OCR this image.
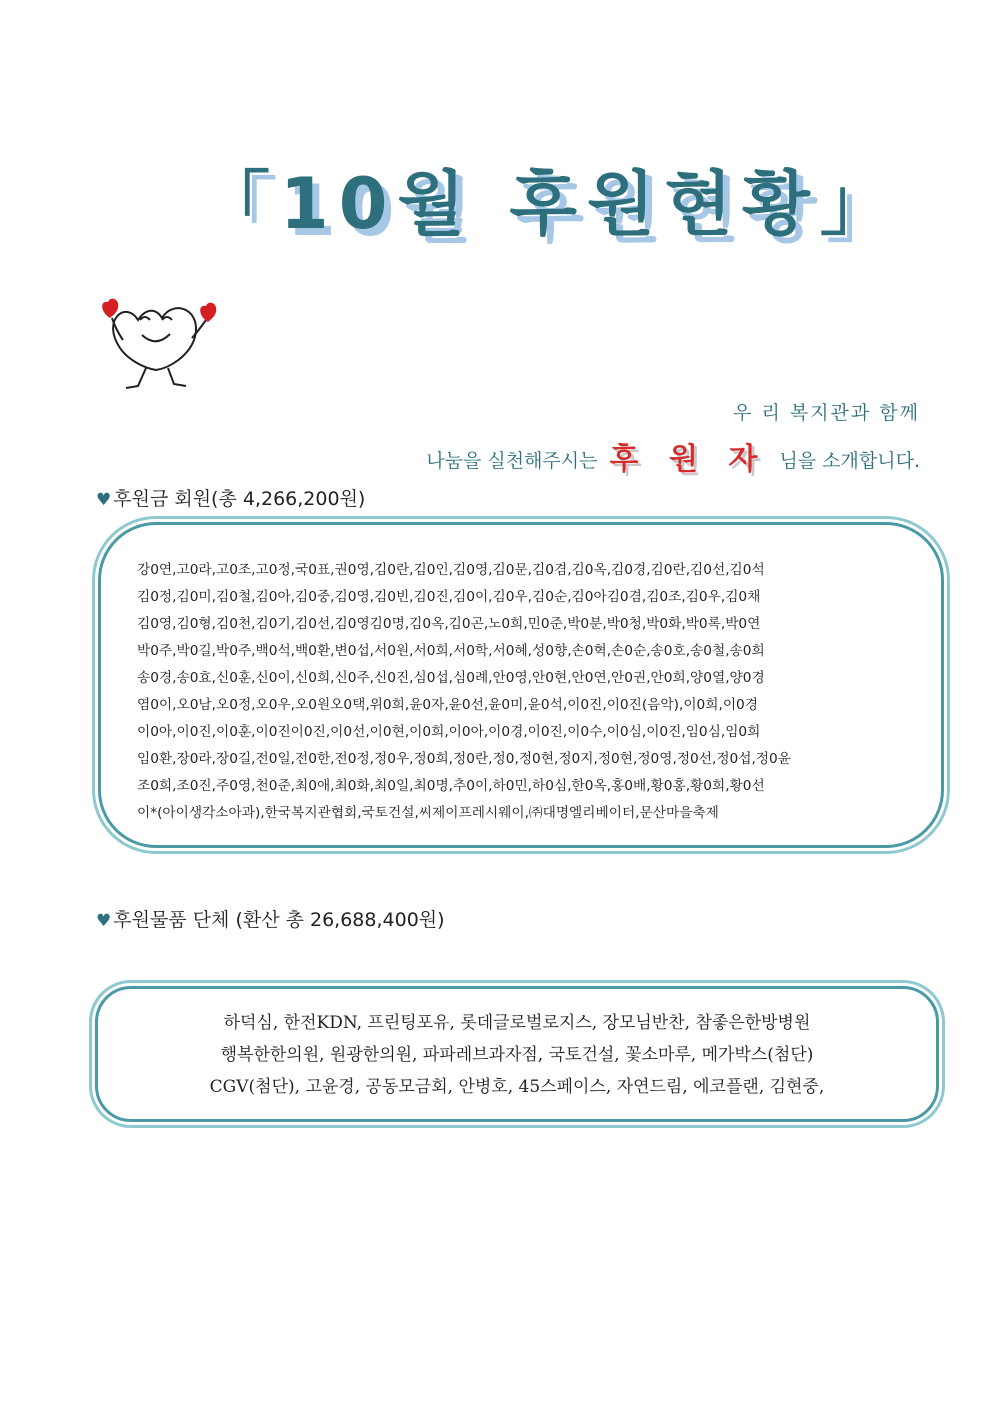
「10월 후원현황」
우 리 복지관과 함께
나눔을 실천해주시는 후 원 자 님을 소개합니다.
♥ 후원금 회원(총 4,266,200원)
강0연,고0라,고0조,고0정,국0표,권0영,김0란,김0인,김0영,김0문,김0겸,김0옥,김0경,김0란,김0선,김0석
김0정,김0미,김0철,김0아,김0중,김0영,김0빈,김0진,김0이,김0우,김0순,김0아김0겸,김0조,김0우,김0채
김0영,김0형,김0천,김0기,김0선,김0영김0명,김0옥,김0곤,노0희,민0준,박0분,박0청,박0화,박0록,박0연
박0주,박0길,박0주,백0석,백0환,변0섭,서0원,서0희,서0학,서0혜,성0향,손0혁,손0순,송0호,송0철,송0희
송0경,송0효,신0훈,신0이,신0희,신0주,신0진,심0섭,심0례,안0영,안0현,안0연,안0권,안0희,양0열,양0경
염0이,오0남,오0정,오0우,오0원오0택,위0희,윤0자,윤0선,윤0미,윤0석,이0진,이0진(음악),이0희,이0경
이0아,이0진,이0훈,이0진이0진,이0선,이0현,이0희,이0아,이0경,이0진,이0수,이0심,이0진,임0심,임0희
임0환,장0라,장0길,전0일,전0한,전0정,정0우,정0희,정0란,정0,정0현,정0지,정0현,정0영,정0선,정0섭,정0윤
조0희,조0진,주0영,천0준,최0애,최0화,최0일,최0명,추0이,하0민,하0심,한0옥,홍0배,황0홍,황0희,황0선
이*(아이생각소아과),한국복지관협회,국토건설,씨제이프레시웨이,㈜대명엘리베이터,문산마을축제
♥ 후원물품 단체 (환산 총 26,688,400원)
하덕심, 한전KDN, 프린팅포유, 롯데글로벌로지스, 장모님반찬, 참좋은한방병원
행복한한의원, 원광한의원, 파파레브과자점, 국토건설, 꽃소마루, 메가박스(첨단)
CGV(첨단), 고윤경, 공동모금회, 안병호, 45스페이스, 자연드림, 에코플랜, 김현중,
